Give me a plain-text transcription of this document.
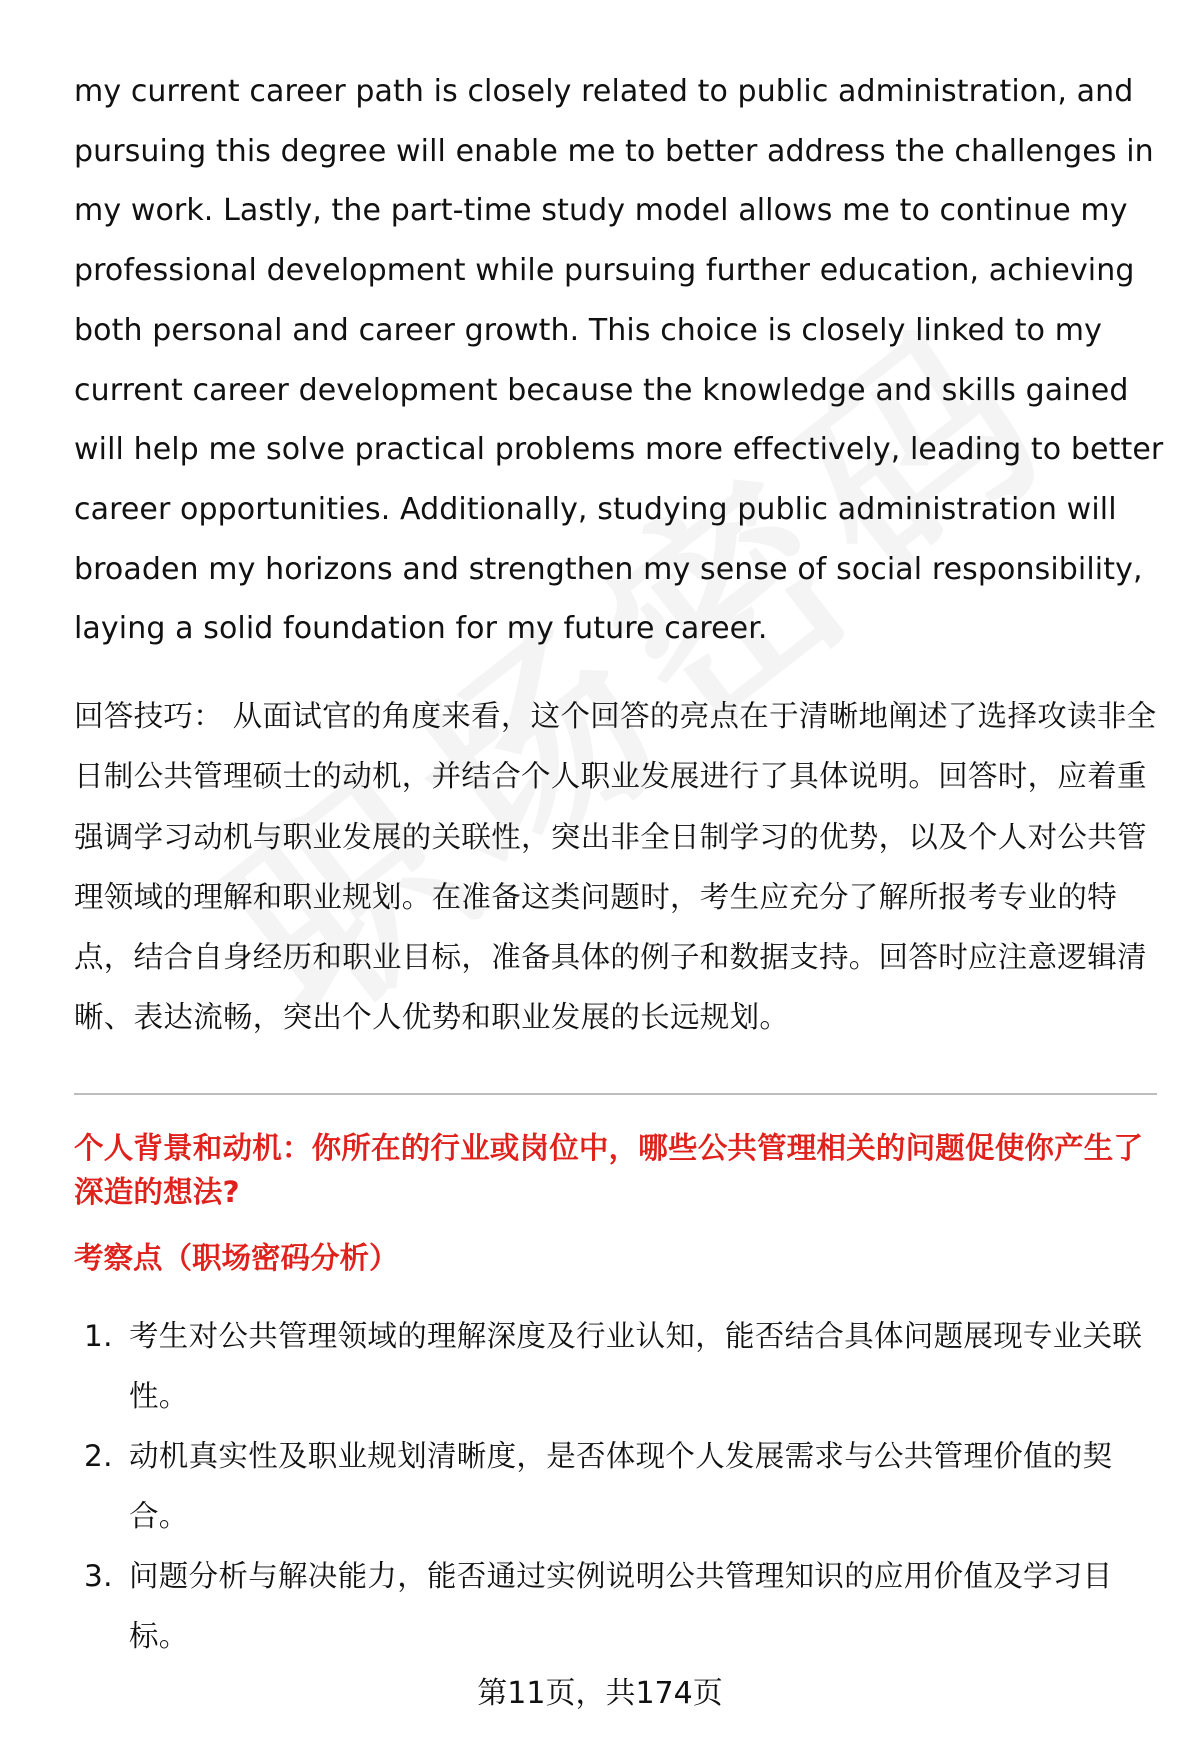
my current career path is closely related to public administration, and pursuing this degree will enable me to better address the challenges in my work. Lastly, the part-time study model allows me to continue my professional development while pursuing further education, achieving both personal and career growth. This choice is closely linked to my current career development because the knowledge and skills gained will help me solve practical problems more effectively, leading to better career opportunities. Additionally, studying public administration will broaden my horizons and strengthen my sense of social responsibility, laying a solid foundation for my future career.

回答技巧： 从面试官的角度来看，这个回答的亮点在于清晰地阐述了选择攻读非全日制公共管理硕士的动机，并结合个人职业发展进行了具体说明。回答时，应着重强调学习动机与职业发展的关联性，突出非全日制学习的优势，以及个人对公共管理领域的理解和职业规划。在准备这类问题时，考生应充分了解所报考专业的特点，结合自身经历和职业目标，准备具体的例子和数据支持。回答时应注意逻辑清晰、表达流畅，突出个人优势和职业发展的长远规划。

个人背景和动机：你所在的行业或岗位中，哪些公共管理相关的问题促使你产生了深造的想法?
考察点（职场密码分析）
1. 考生对公共管理领域的理解深度及行业认知，能否结合具体问题展现专业关联性。
2. 动机真实性及职业规划清晰度，是否体现个人发展需求与公共管理价值的契合。
3. 问题分析与解决能力，能否通过实例说明公共管理知识的应用价值及学习目标。
第11页，共174页
